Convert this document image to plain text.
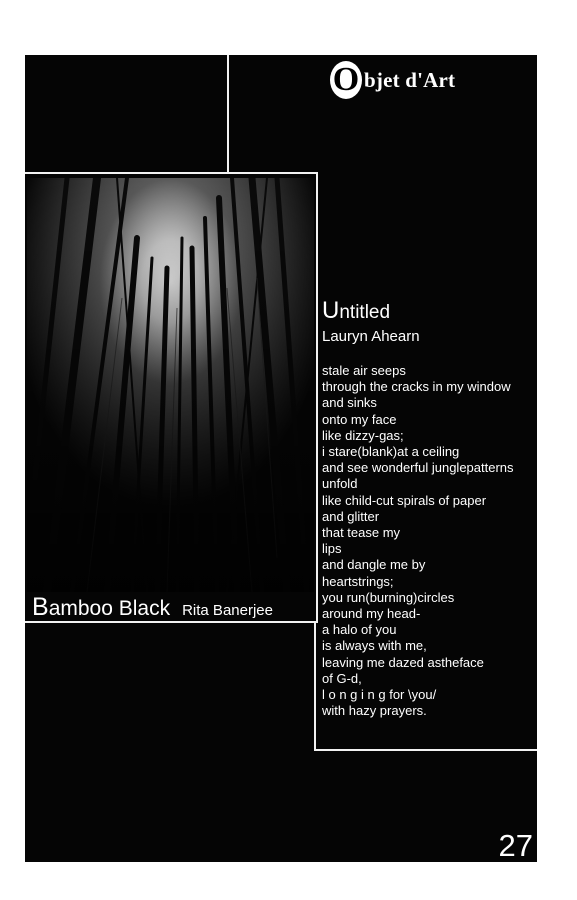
O bjet d'Art
Bamboo Black Rita Banerjee
Untitled
Lauryn Ahearn
stale air seeps
through the cracks in my window
and sinks
onto my face
like dizzy-gas;
i stare(blank)at a ceiling
and see wonderful junglepatterns
unfold
like child-cut spirals of paper
and glitter
that tease my
lips
and dangle me by
heartstrings;
you run(burning)circles
around my head-
a halo of you
is always with me,
leaving me dazed astheface
of G-d,
l o n g i n g for \you/
with hazy prayers.
27
